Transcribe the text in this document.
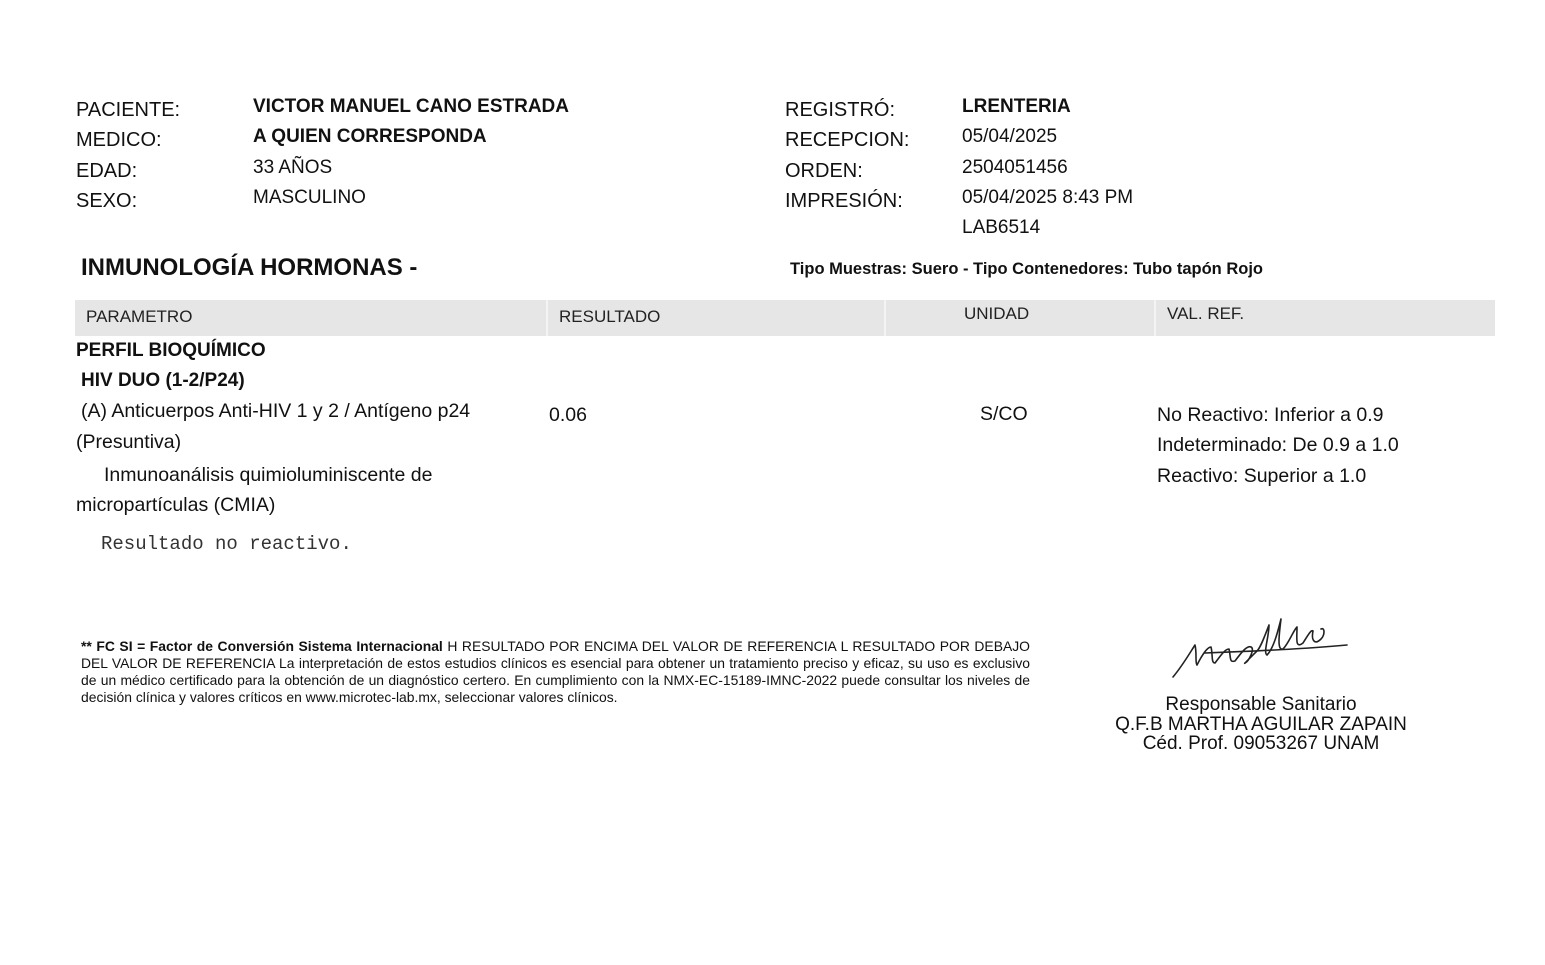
PACIENTE:	VICTOR MANUEL CANO ESTRADA
MEDICO:	A QUIEN CORRESPONDA
EDAD:	33 AÑOS
SEXO:	MASCULINO
REGISTRÓ:	LRENTERIA
RECEPCION:	05/04/2025
ORDEN:	2504051456
IMPRESIÓN:	05/04/2025 8:43 PM
LAB6514
INMUNOLOGÍA HORMONAS -	Tipo Muestras: Suero - Tipo Contenedores: Tubo tapón Rojo
PARAMETRO	RESULTADO	UNIDAD	VAL. REF.
PERFIL BIOQUÍMICO
HIV DUO (1-2/P24)
(A) Anticuerpos Anti-HIV 1 y 2 / Antígeno p24
(Presuntiva)
Inmunoanálisis quimioluminiscente de
micropartículas (CMIA)
0.06	S/CO	No Reactivo: Inferior a 0.9
Indeterminado: De 0.9 a 1.0
Reactivo: Superior a 1.0
Resultado no reactivo.
** FC SI = Factor de Conversión Sistema Internacional H RESULTADO POR ENCIMA DEL VALOR DE REFERENCIA L RESULTADO POR DEBAJO DEL VALOR DE REFERENCIA La interpretación de estos estudios clínicos es esencial para obtener un tratamiento preciso y eficaz, su uso es exclusivo de un médico certificado para la obtención de un diagnóstico certero. En cumplimiento con la NMX-EC-15189-IMNC-2022 puede consultar los niveles de decisión clínica y valores críticos en www.microtec-lab.mx, seleccionar valores clínicos.	Responsable Sanitario
Q.F.B MARTHA AGUILAR ZAPAIN
Céd. Prof. 09053267 UNAM
